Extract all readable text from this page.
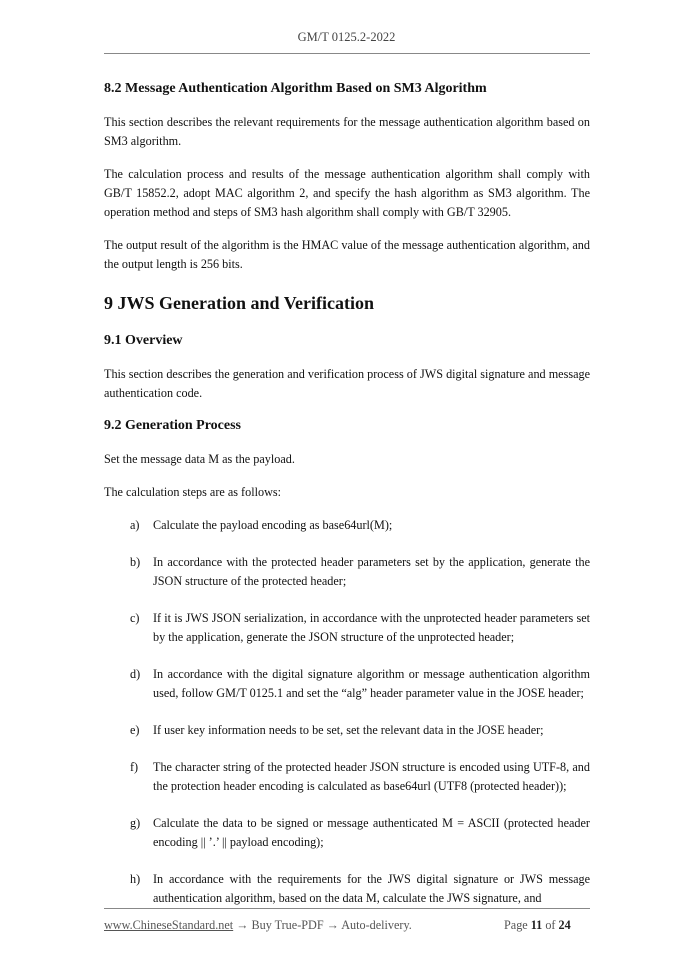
GM/T 0125.2-2022
8.2 Message Authentication Algorithm Based on SM3 Algorithm

This section describes the relevant requirements for the message authentication algorithm based on SM3 algorithm.

The calculation process and results of the message authentication algorithm shall comply with GB/T 15852.2, adopt MAC algorithm 2, and specify the hash algorithm as SM3 algorithm. The operation method and steps of SM3 hash algorithm shall comply with GB/T 32905.

The output result of the algorithm is the HMAC value of the message authentication algorithm, and the output length is 256 bits.

9 JWS Generation and Verification
9.1 Overview

This section describes the generation and verification process of JWS digital signature and message authentication code.

9.2 Generation Process

Set the message data M as the payload.

The calculation steps are as follows:

a) Calculate the payload encoding as base64url(M);
b) In accordance with the protected header parameters set by the application, generate the JSON structure of the protected header;
c) If it is JWS JSON serialization, in accordance with the unprotected header parameters set by the application, generate the JSON structure of the unprotected header;
d) In accordance with the digital signature algorithm or message authentication algorithm used, follow GM/T 0125.1 and set the “alg” header parameter value in the JOSE header;
e) If user key information needs to be set, set the relevant data in the JOSE header;
f) The character string of the protected header JSON structure is encoded using UTF-8, and the protection header encoding is calculated as base64url (UTF8 (protected header));
g) Calculate the data to be signed or message authenticated M = ASCII (protected header encoding || ’.’ || payload encoding);
h) In accordance with the requirements for the JWS digital signature or JWS message authentication algorithm, based on the data M, calculate the JWS signature, and
www.ChineseStandard.net → Buy True-PDF → Auto-delivery.	Page 11 of 24
